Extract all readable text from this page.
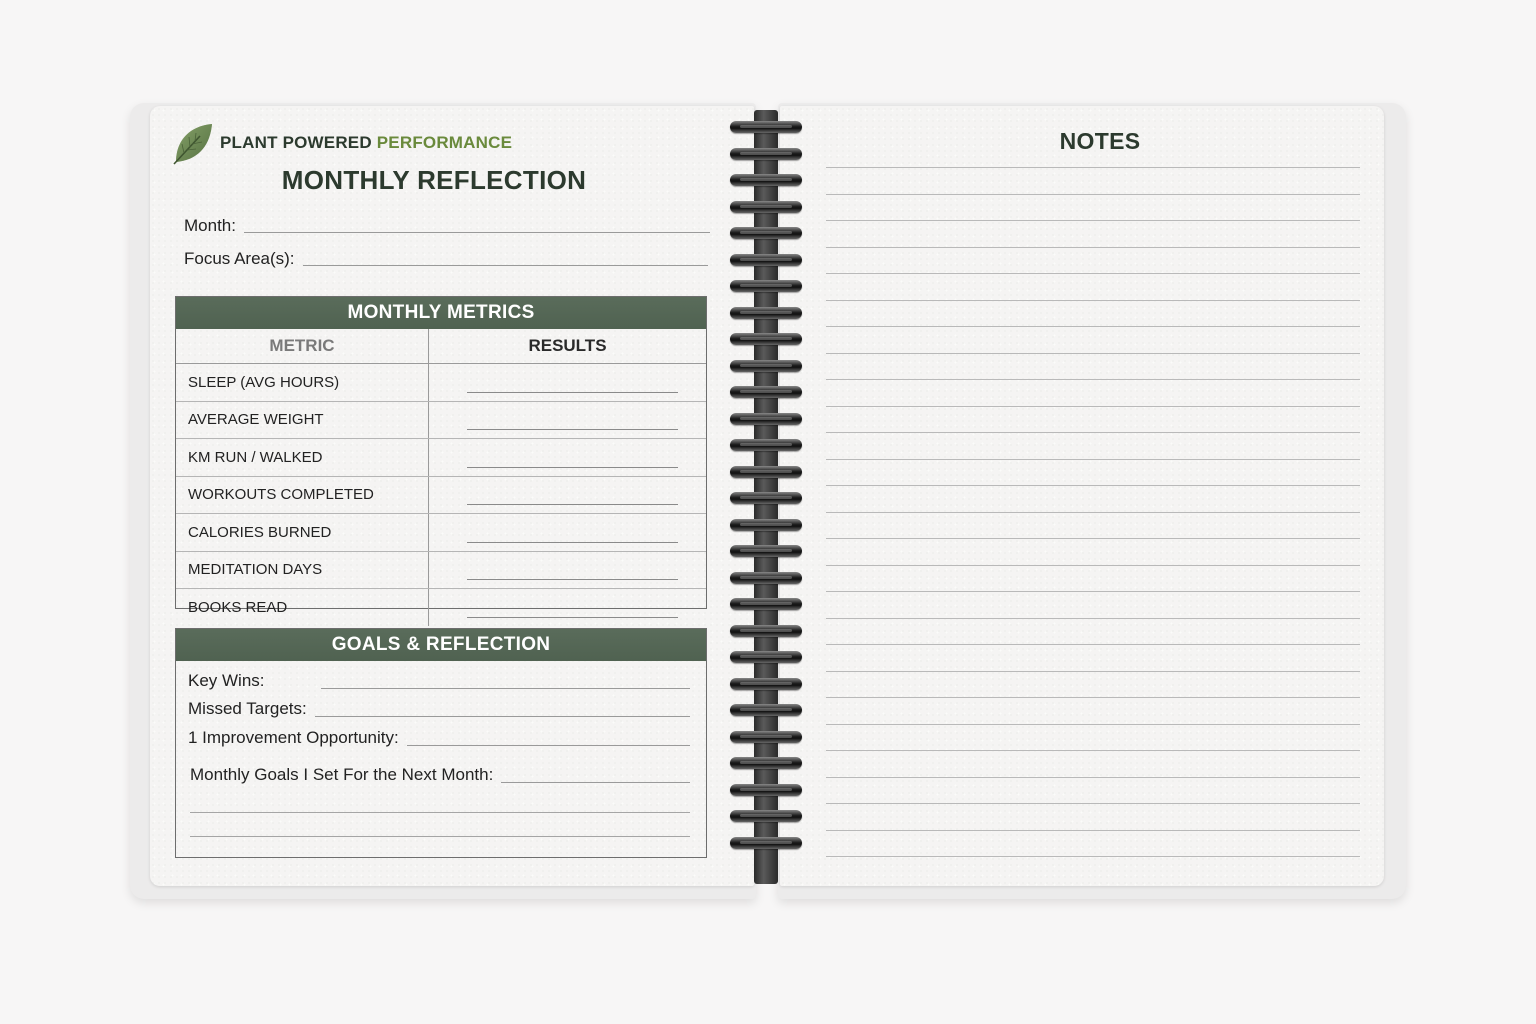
PLANT POWERED PERFORMANCE
MONTHLY REFLECTION
Month:
Focus Area(s):
MONTHLY METRICS
METRIC	RESULTS
SLEEP (AVG HOURS)	

AVERAGE WEIGHT	

KM RUN / WALKED	

WORKOUTS COMPLETED	

CALORIES BURNED	

MEDITATION DAYS	

BOOKS READ	
GOALS & REFLECTION
Key Wins:
Missed Targets:
1 Improvement Opportunity:
Monthly Goals I Set For the Next Month:
NOTES
